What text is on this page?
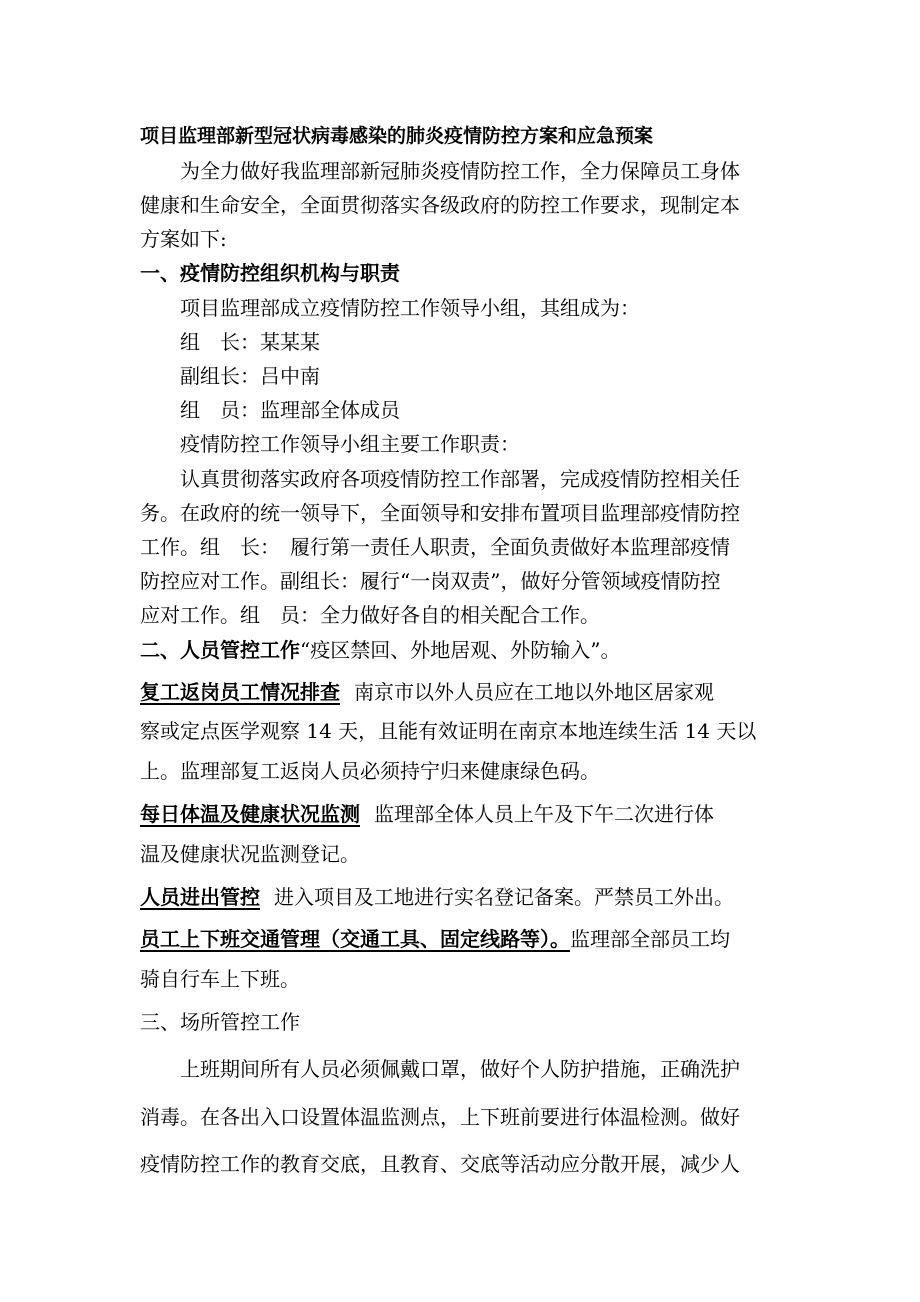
项目监理部新型冠状病毒感染的肺炎疫情防控方案和应急预案
为全力做好我监理部新冠肺炎疫情防控工作，全力保障员工身体
健康和生命安全，全面贯彻落实各级政府的防控工作要求，现制定本
方案如下:
一、疫情防控组织机构与职责
项目监理部成立疫情防控工作领导小组，其组成为：
组　长：某某某
副组长：吕中南
组　员：监理部全体成员
疫情防控工作领导小组主要工作职责：
认真贯彻落实政府各项疫情防控工作部署，完成疫情防控相关任
务。在政府的统一领导下，全面领导和安排布置项目监理部疫情防控
工作。组　长：　履行第一责任人职责，全面负责做好本监理部疫情
防控应对工作。副组长：履行“一岗双责”，做好分管领域疫情防控
应对工作。组　员：全力做好各自的相关配合工作。
二、人员管控工作“疫区禁回、外地居观、外防输入”。
复工返岗员工情况排查 南京市以外人员应在工地以外地区居家观
察或定点医学观察 14 天，且能有效证明在南京本地连续生活 14 天以
上。监理部复工返岗人员必须持宁归来健康绿色码。
每日体温及健康状况监测 监理部全体人员上午及下午二次进行体
温及健康状况监测登记。
人员进出管控 进入项目及工地进行实名登记备案。严禁员工外出。
员工上下班交通管理（交通工具、固定线路等）。监理部全部员工均
骑自行车上下班。
三、场所管控工作
上班期间所有人员必须佩戴口罩，做好个人防护措施，正确洗护
消毒。在各出入口设置体温监测点，上下班前要进行体温检测。做好
疫情防控工作的教育交底，且教育、交底等活动应分散开展，减少人
